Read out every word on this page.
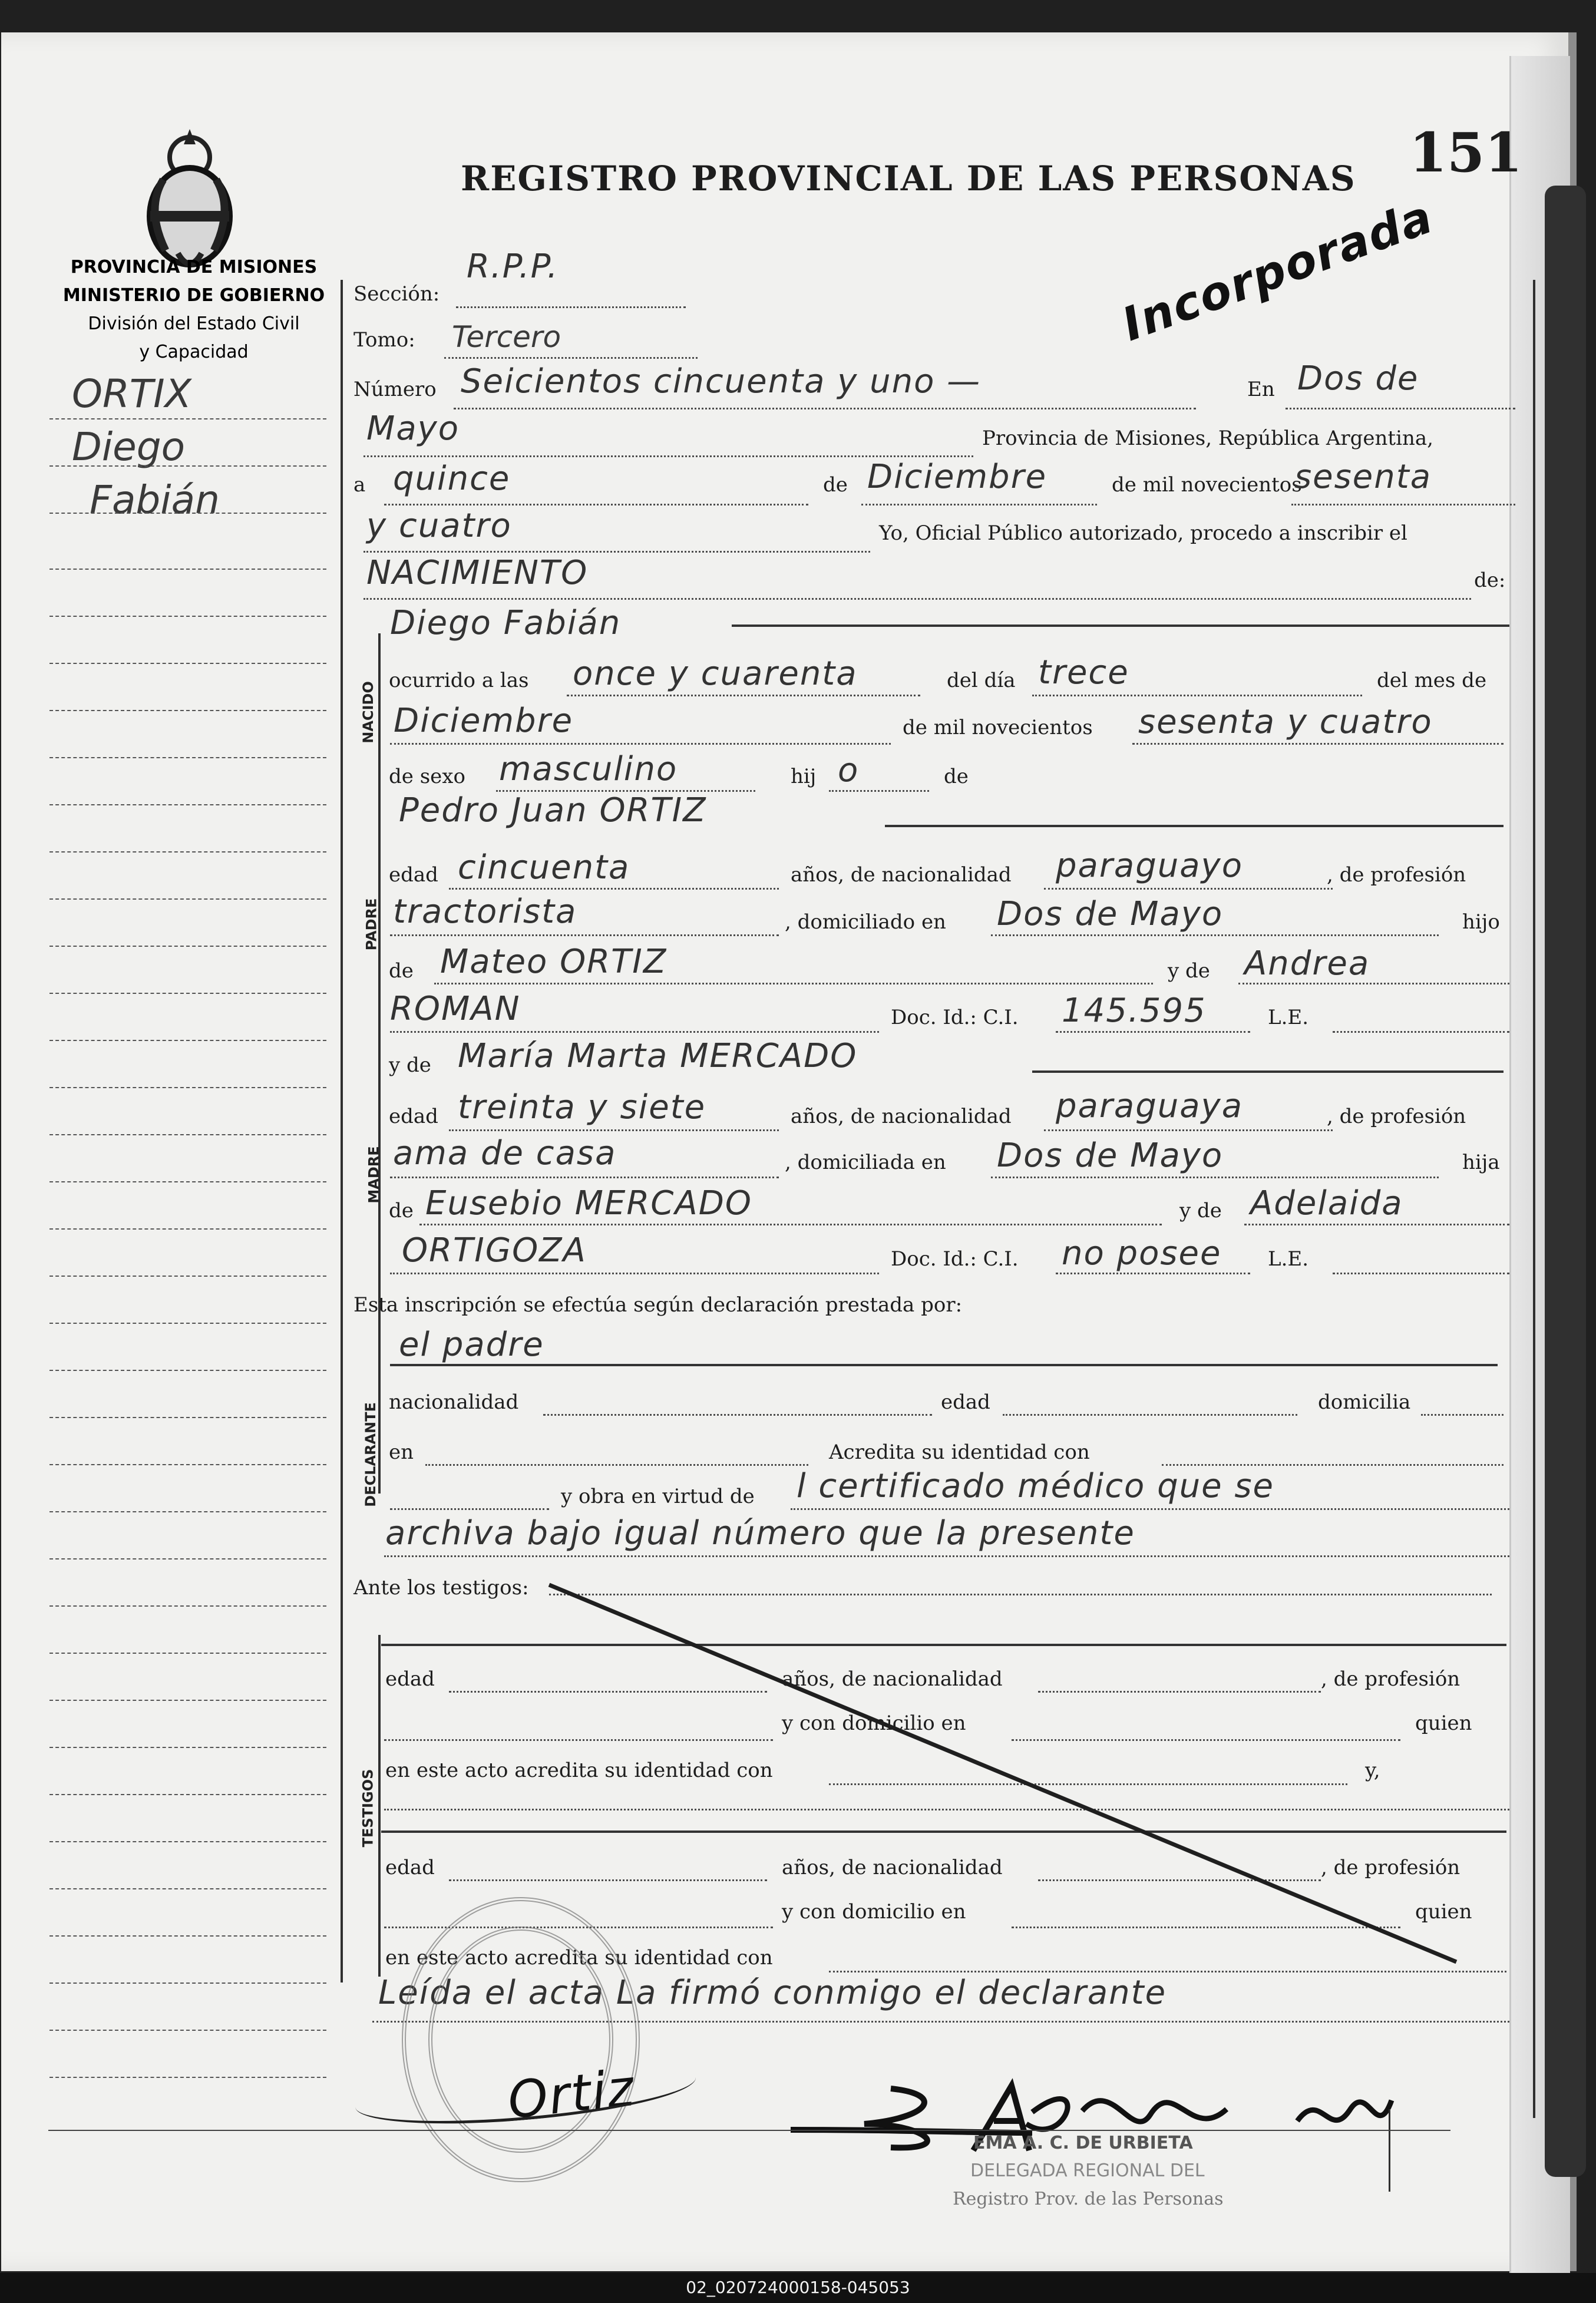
PROVINCIA DE MISIONES
MINISTERIO DE GOBIERNO
División del Estado Civil
y Capacidad
ORTIX
Diego
Fabián
REGISTRO PROVINCIAL DE LAS PERSONAS 151
Incorporada
Sección:
R.P.P.
Tomo: Tercero
Número Seicientos cincuenta y uno —	En Dos de
Mayo	Provincia de Misiones, República Argentina,
a quince	de Diciembre	de mil novecientos
sesenta
y cuatro	Yo, Oficial Público autorizado, procedo a inscribir el
NACIMIENTO	de:
NACIDO
Diego Fabián
ocurrido a las once y cuarenta	del día trece	del mes de
Diciembre	de mil novecientos sesenta y cuatro
de sexo masculino	hij o	de
PADRE
Pedro Juan ORTIZ
edad cincuenta	años, de nacionalidad paraguayo	, de profesión
tractorista	, domiciliado en Dos de Mayo	hijo
de Mateo ORTIZ	y de Andrea
ROMAN	Doc. Id.: C.I. 145.595	L.E.
MADRE
y de María Marta MERCADO
edad treinta y siete	años, de nacionalidad paraguaya	, de profesión
ama de casa	, domiciliada en Dos de Mayo	hija
de Eusebio MERCADO	y de Adelaida
ORTIGOZA	Doc. Id.: C.I. no posee L.E.
Esta inscripción se efectúa según declaración prestada por:
DECLARANTE
el padre
nacionalidad	edad	domicilia
en	Acredita su identidad con
y obra en virtud de l certificado médico que se
archiva bajo igual número que la presente
Ante los testigos:
TESTIGOS
edad	años, de nacionalidad	, de profesión
y con domicilio en	quien
en este acto acredita su identidad con	y,
edad	años, de nacionalidad	, de profesión
y con domicilio en	quien
en este acto acredita su identidad con
Leída el acta La firmó conmigo el declarante
Ortiz
EMA A. C. DE URBIETA
DELEGADA REGIONAL DEL
Registro Prov. de las Personas
02_020724000158-045053
